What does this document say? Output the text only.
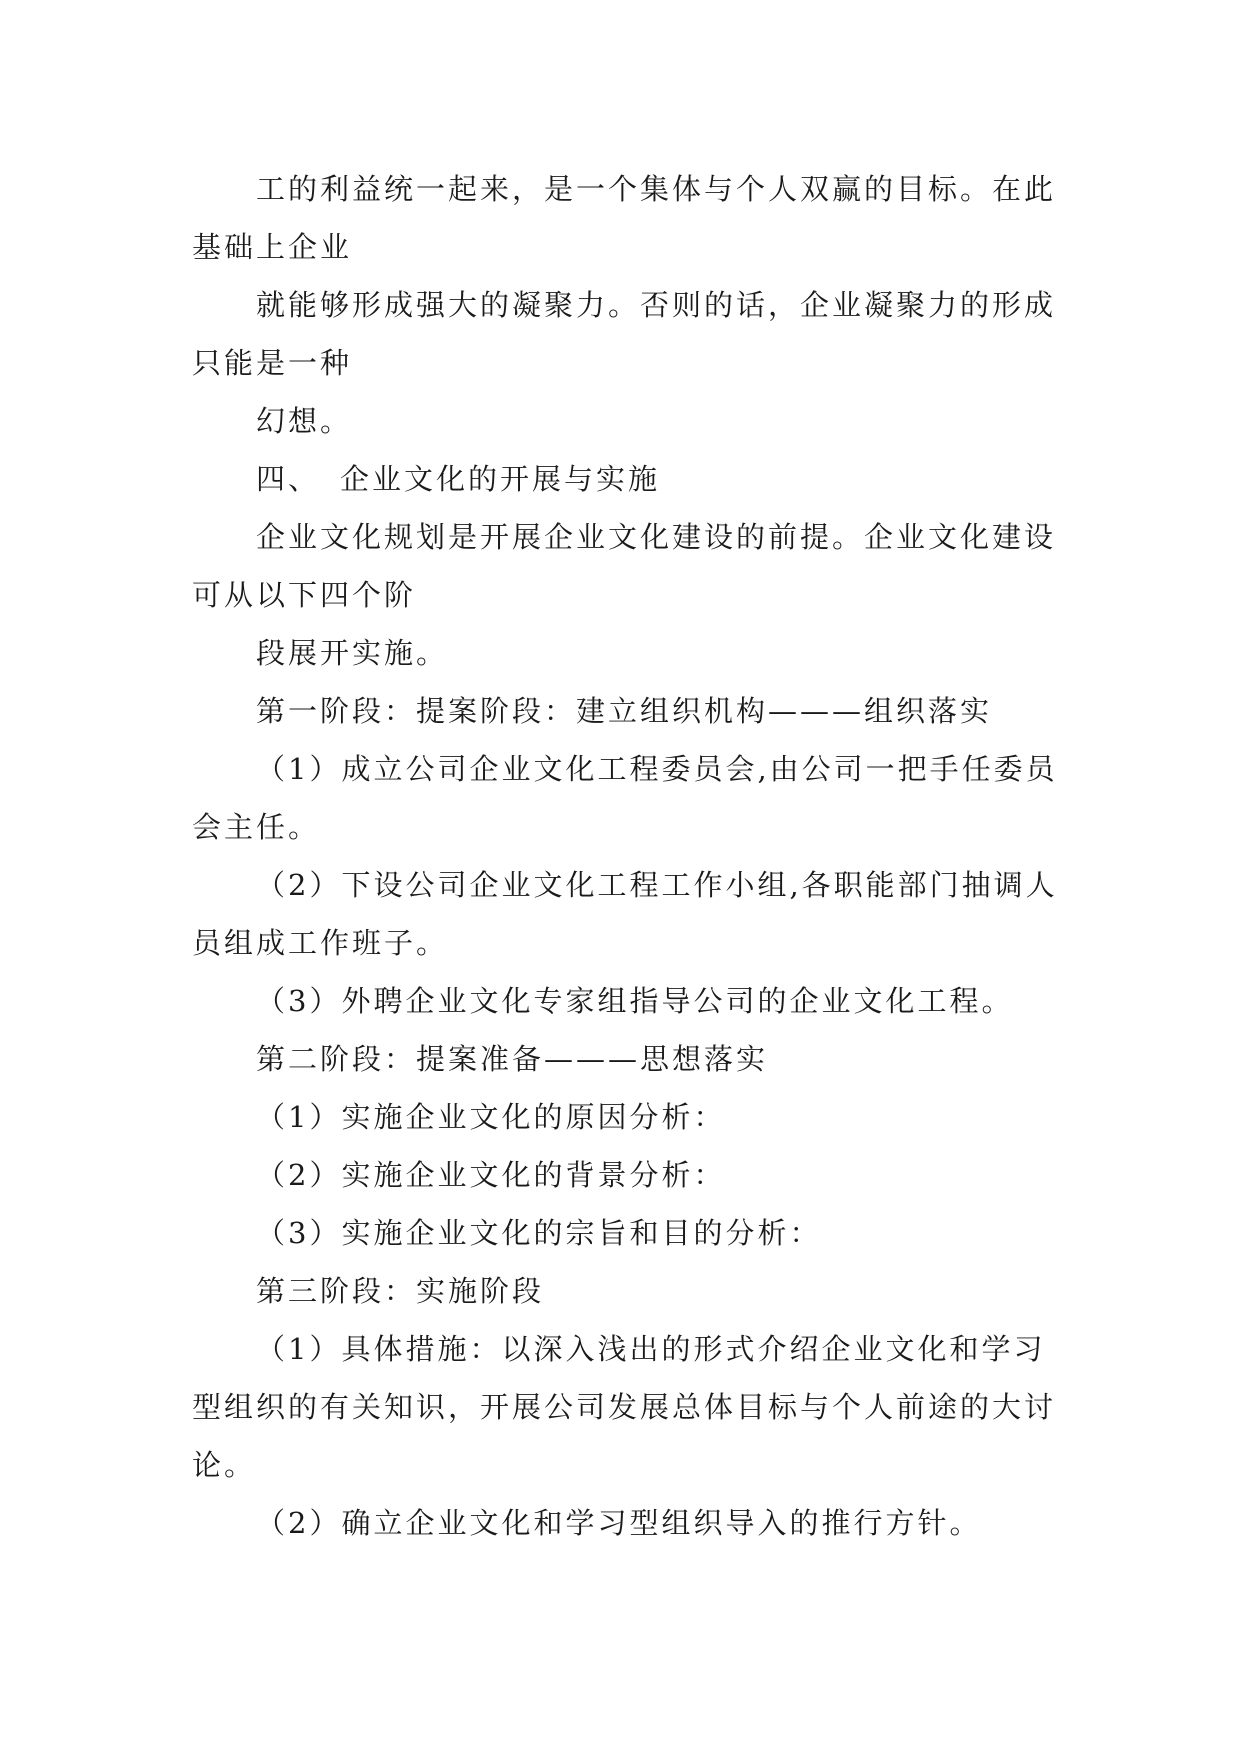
工的利益统一起来，是一个集体与个人双赢的目标。在此基础上企业

就能够形成强大的凝聚力。否则的话，企业凝聚力的形成只能是一种

幻想。

四、 企业文化的开展与实施

企业文化规划是开展企业文化建设的前提。企业文化建设可从以下四个阶

段展开实施。

第一阶段：提案阶段：建立组织机构———组织落实

（1）成立公司企业文化工程委员会,由公司一把手任委员会主任。

（2）下设公司企业文化工程工作小组,各职能部门抽调人员组成工作班子。

（3）外聘企业文化专家组指导公司的企业文化工程。

第二阶段：提案准备———思想落实

（1）实施企业文化的原因分析：

（2）实施企业文化的背景分析：

（3）实施企业文化的宗旨和目的分析：

第三阶段：实施阶段

（1）具体措施：以深入浅出的形式介绍企业文化和学习型组织的有关知识，开展公司发展总体目标与个人前途的大讨论。

（2）确立企业文化和学习型组织导入的推行方针。
